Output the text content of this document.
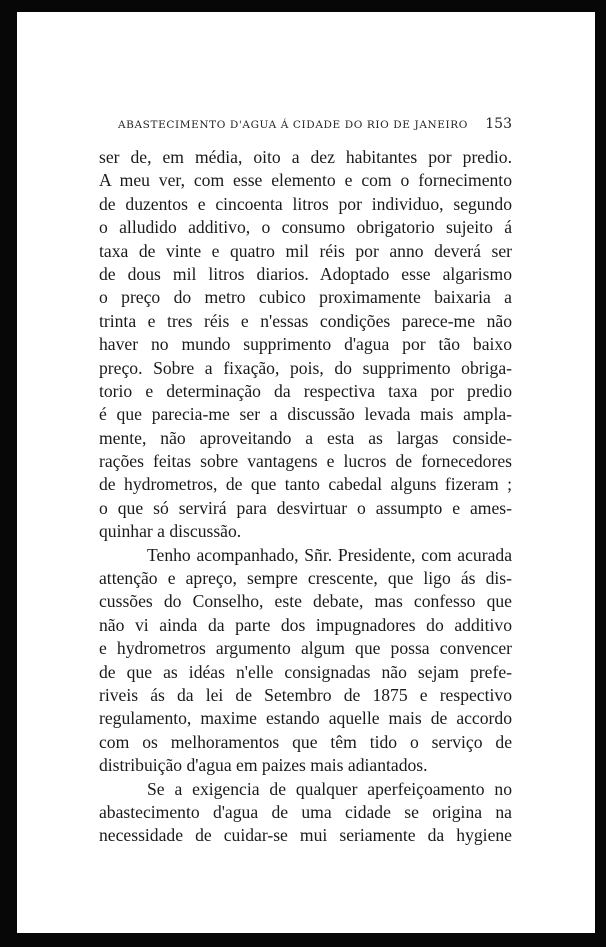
ABASTECIMENTO D'AGUA Á CIDADE DO RIO DE JANEIRO 153
ser de, em média, oito a dez habitantes por predio.
A meu ver, com esse elemento e com o fornecimento
de duzentos e cincoenta litros por individuo, segundo
o alludido additivo, o consumo obrigatorio sujeito á
taxa de vinte e quatro mil réis por anno deverá ser
de dous mil litros diarios. Adoptado esse algarismo
o preço do metro cubico proximamente baixaria a
trinta e tres réis e n'essas condições parece-me não
haver no mundo supprimento d'agua por tão baixo
preço. Sobre a fixação, pois, do supprimento obriga-
torio e determinação da respectiva taxa por predio
é que parecia-me ser a discussão levada mais ampla-
mente, não aproveitando a esta as largas conside-
rações feitas sobre vantagens e lucros de fornecedores
de hydrometros, de que tanto cabedal alguns fizeram ;
o que só servirá para desvirtuar o assumpto e ames-
quinhar a discussão.
Tenho acompanhado, Sñr. Presidente, com acurada
attenção e apreço, sempre crescente, que ligo ás dis-
cussões do Conselho, este debate, mas confesso que
não vi ainda da parte dos impugnadores do additivo
e hydrometros argumento algum que possa convencer
de que as idéas n'elle consignadas não sejam prefe-
riveis ás da lei de Setembro de 1875 e respectivo
regulamento, maxime estando aquelle mais de accordo
com os melhoramentos que têm tido o serviço de
distribuição d'agua em paizes mais adiantados.
Se a exigencia de qualquer aperfeiçoamento no
abastecimento d'agua de uma cidade se origina na
necessidade de cuidar-se mui seriamente da hygiene
